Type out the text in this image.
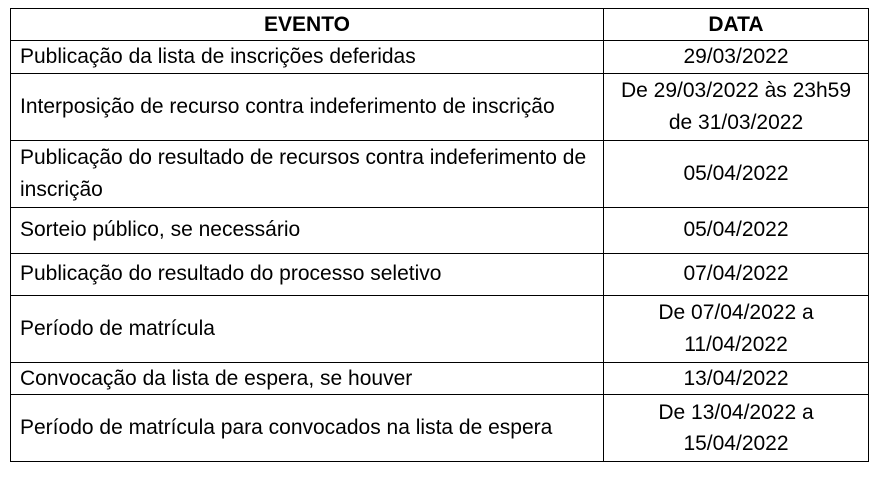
EVENTO	DATA
Publicação da lista de inscrições deferidas	29/03/2022
Interposição de recurso contra indeferimento de inscrição	De 29/03/2022 às 23h59 de 31/03/2022
Publicação do resultado de recursos contra indeferimento de inscrição	05/04/2022
Sorteio público, se necessário	05/04/2022
Publicação do resultado do processo seletivo	07/04/2022
Período de matrícula	De 07/04/2022 a 11/04/2022
Convocação da lista de espera, se houver	13/04/2022
Período de matrícula para convocados na lista de espera	De 13/04/2022 a 15/04/2022
